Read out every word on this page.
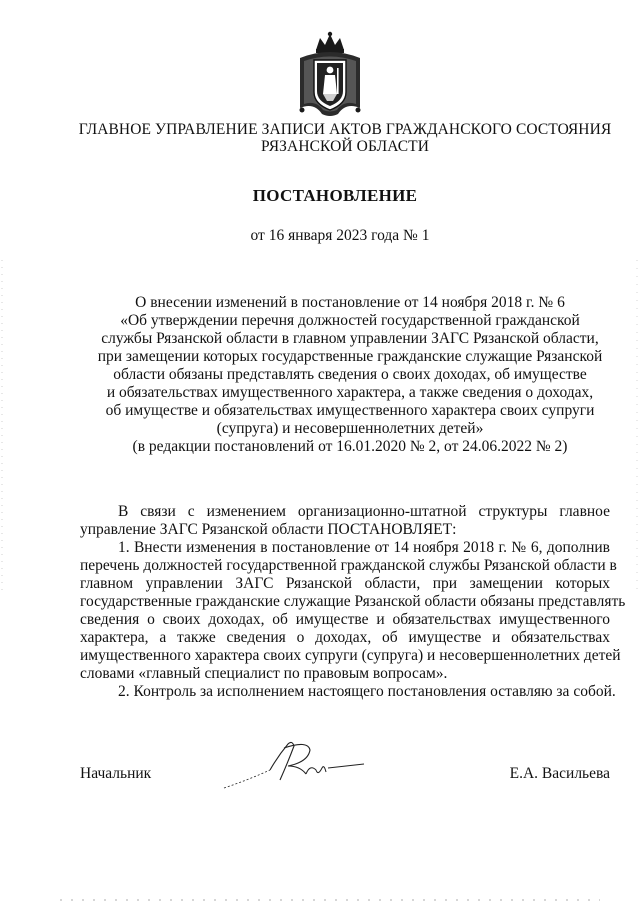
ГЛАВНОЕ УПРАВЛЕНИЕ ЗАПИСИ АКТОВ ГРАЖДАНСКОГО СОСТОЯНИЯ
РЯЗАНСКОЙ ОБЛАСТИ
ПОСТАНОВЛЕНИЕ
от 16 января 2023 года № 1
О внесении изменений в постановление от 14 ноября 2018 г. № 6
«Об утверждении перечня должностей государственной гражданской
службы Рязанской области в главном управлении ЗАГС Рязанской области,
при замещении которых государственные гражданские служащие Рязанской
области обязаны представлять сведения о своих доходах, об имуществе
и обязательствах имущественного характера, а также сведения о доходах,
об имуществе и обязательствах имущественного характера своих супруги
(супруга) и несовершеннолетних детей»
(в редакции постановлений от 16.01.2020 № 2, от 24.06.2022 № 2)
В связи с изменением организационно-штатной структуры главное
управление ЗАГС Рязанской области ПОСТАНОВЛЯЕТ:
1. Внести изменения в постановление от 14 ноября 2018 г. № 6, дополнив
перечень должностей государственной гражданской службы Рязанской области в
главном управлении ЗАГС Рязанской области, при замещении которых
государственные гражданские служащие Рязанской области обязаны представлять
сведения о своих доходах, об имуществе и обязательствах имущественного
характера, а также сведения о доходах, об имуществе и обязательствах
имущественного характера своих супруги (супруга) и несовершеннолетних детей
словами «главный специалист по правовым вопросам».
2. Контроль за исполнением настоящего постановления оставляю за собой.
Начальник	Е.А. Васильева
